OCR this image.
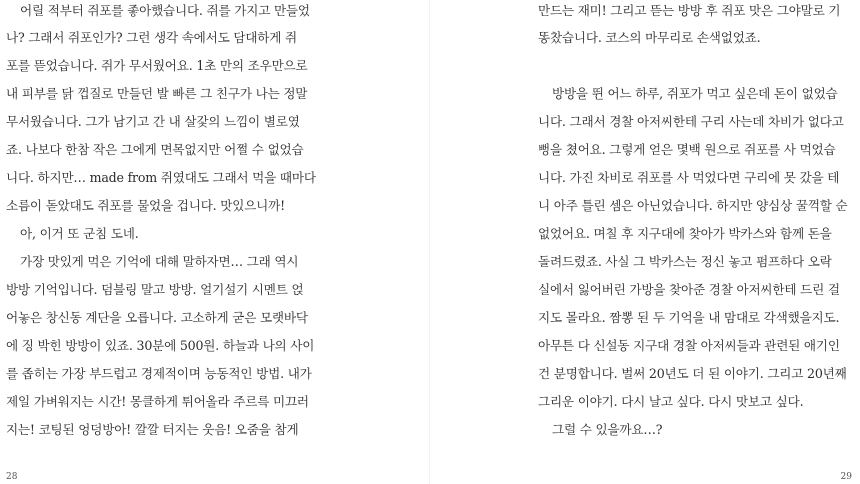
어릴 적부터 쥐포를 좋아했습니다. 쥐를 가지고 만들었
나? 그래서 쥐포인가? 그런 생각 속에서도 담대하게 쥐
포를 뜯었습니다. 쥐가 무서웠어요. 1초 만의 조우만으로
내 피부를 닭 껍질로 만들던 발 빠른 그 친구가 나는 정말
무서웠습니다. 그가 남기고 간 내 살갗의 느낌이 별로였
죠. 나보다 한참 작은 그에게 면목없지만 어쩔 수 없었습
니다. 하지만… made from 쥐였대도 그래서 먹을 때마다
소름이 돋았대도 쥐포를 물었을 겁니다. 맛있으니까!
아, 이거 또 군침 도네.
가장 맛있게 먹은 기억에 대해 말하자면… 그래 역시
방방 기억입니다. 덤블링 말고 방방. 얼기설기 시멘트 얹
어놓은 창신동 계단을 오릅니다. 고소하게 굳은 모랫바닥
에 징 박힌 방방이 있죠. 30분에 500원. 하늘과 나의 사이
를 좁히는 가장 부드럽고 경제적이며 능동적인 방법. 내가
제일 가벼워지는 시간! 몽클하게 튀어올라 주르륵 미끄러
지는! 코팅된 엉덩방아! 깔깔 터지는 웃음! 오줌을 참게
28
만드는 재미! 그리고 뜯는 방방 후 쥐포 맛은 그야말로 기
똥찼습니다. 코스의 마무리로 손색없었죠.
방방을 뛴 어느 하루, 쥐포가 먹고 싶은데 돈이 없었습
니다. 그래서 경찰 아저씨한테 구리 사는데 차비가 없다고
뻥을 쳤어요. 그렇게 얻은 몇백 원으로 쥐포를 사 먹었습
니다. 가진 차비로 쥐포를 사 먹었다면 구리에 못 갔을 테
니 아주 틀린 셈은 아닌었습니다. 하지만 양심상 꿀꺽할 순
없었어요. 며칠 후 지구대에 찾아가 박카스와 함께 돈을
돌려드렸죠. 사실 그 박카스는 정신 놓고 펌프하다 오락
실에서 잃어버린 가방을 찾아준 경찰 아저씨한테 드린 걸
지도 몰라요. 짬뽕 된 두 기억을 내 맘대로 각색했을지도.
아무튼 다 신설동 지구대 경찰 아저씨들과 관련된 애기인
건 분명합니다. 벌써 20년도 더 된 이야기. 그리고 20년째
그리운 이야기. 다시 날고 싶다. 다시 맛보고 싶다.
그럴 수 있을까요…?
29
